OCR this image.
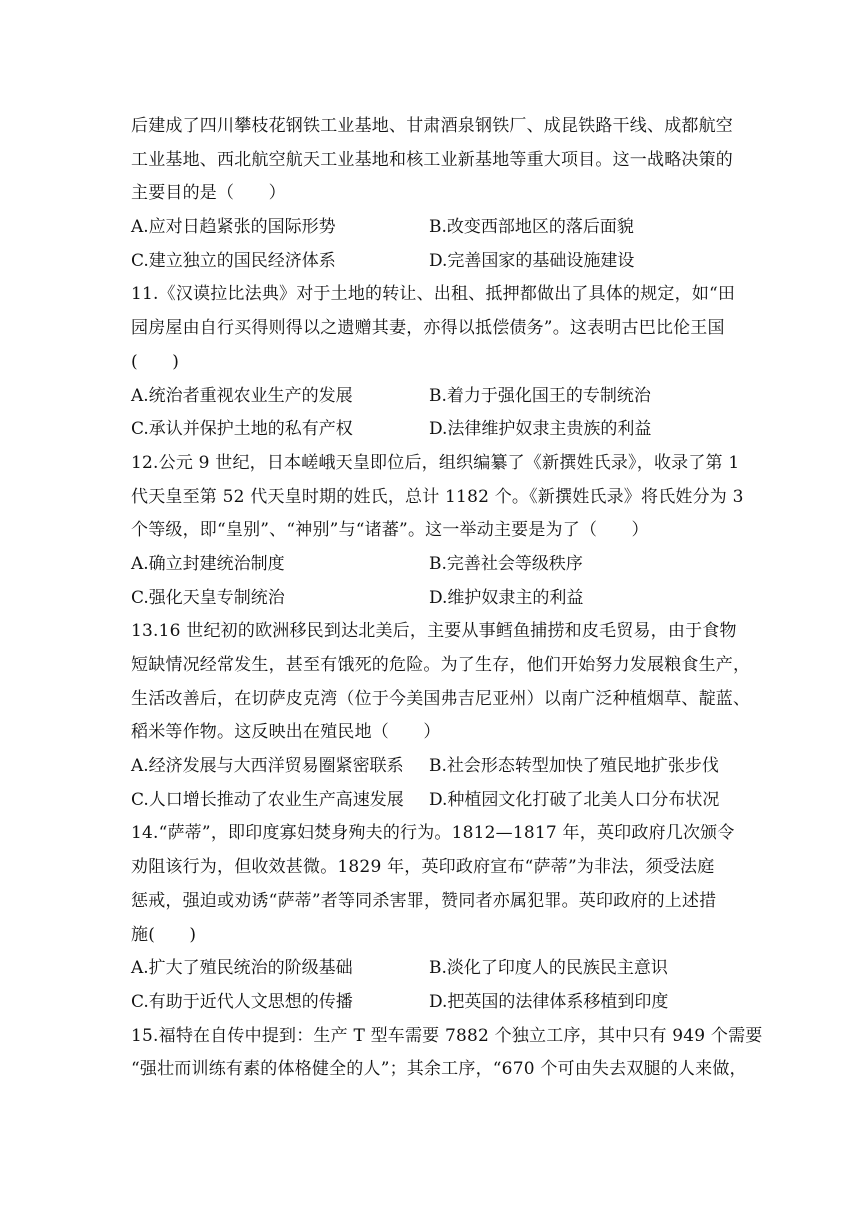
后建成了四川攀枝花钢铁工业基地、甘肃酒泉钢铁厂、成昆铁路干线、成都航空
工业基地、西北航空航天工业基地和核工业新基地等重大项目。这一战略决策的
主要目的是（　　）
A.应对日趋紧张的国际形势	B.改变西部地区的落后面貌
C.建立独立的国民经济体系	D.完善国家的基础设施建设
11.《汉谟拉比法典》对于土地的转让、出租、抵押都做出了具体的规定，如“田
园房屋由自行买得则得以之遗赠其妻，亦得以抵偿债务”。这表明古巴比伦王国
(　　)
A.统治者重视农业生产的发展	B.着力于强化国王的专制统治
C.承认并保护土地的私有产权	D.法律维护奴隶主贵族的利益
12.公元 9 世纪，日本嵯峨天皇即位后，组织编纂了《新撰姓氏录》，收录了第 1
代天皇至第 52 代天皇时期的姓氏，总计 1182 个。《新撰姓氏录》将氏姓分为 3
个等级，即“皇别”、“神别”与“诸蕃”。这一举动主要是为了（　　）
A.确立封建统治制度	B.完善社会等级秩序
C.强化天皇专制统治	D.维护奴隶主的利益
13.16 世纪初的欧洲移民到达北美后，主要从事鳕鱼捕捞和皮毛贸易，由于食物
短缺情况经常发生，甚至有饿死的危险。为了生存，他们开始努力发展粮食生产，
生活改善后，在切萨皮克湾（位于今美国弗吉尼亚州）以南广泛种植烟草、靛蓝、
稻米等作物。这反映出在殖民地（　　）
A.经济发展与大西洋贸易圈紧密联系	B.社会形态转型加快了殖民地扩张步伐
C.人口增长推动了农业生产高速发展	D.种植园文化打破了北美人口分布状况
14.“萨蒂”，即印度寡妇焚身殉夫的行为。1812—1817 年，英印政府几次颁令
劝阻该行为，但收效甚微。1829 年，英印政府宣布“萨蒂”为非法，须受法庭
惩戒，强迫或劝诱“萨蒂”者等同杀害罪，赞同者亦属犯罪。英印政府的上述措
施(　　)
A.扩大了殖民统治的阶级基础	B.淡化了印度人的民族民主意识
C.有助于近代人文思想的传播	D.把英国的法律体系移植到印度
15.福特在自传中提到：生产 T 型车需要 7882 个独立工序，其中只有 949 个需要
“强壮而训练有素的体格健全的人”；其余工序，“670 个可由失去双腿的人来做，
